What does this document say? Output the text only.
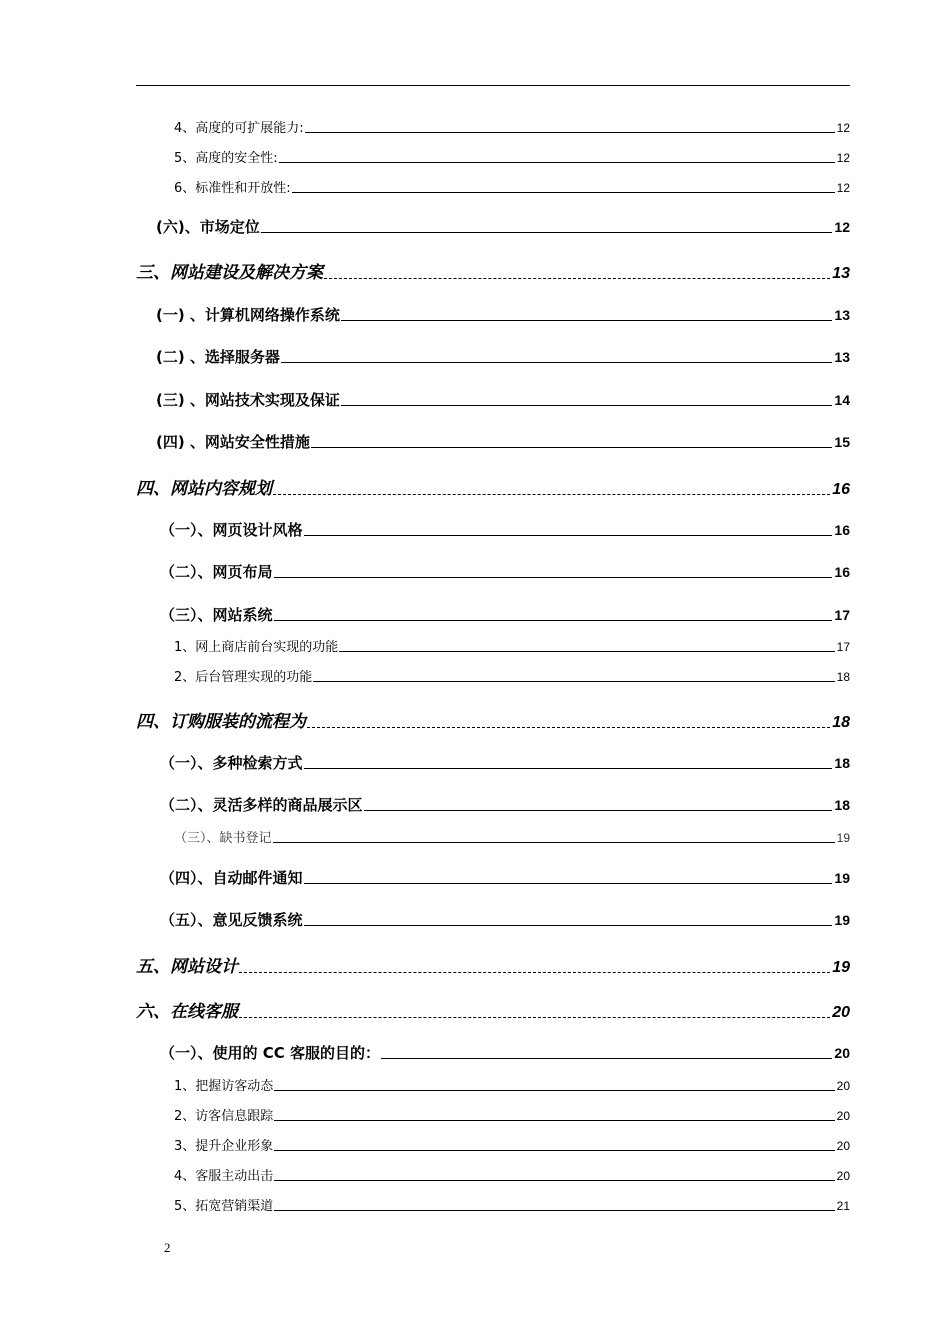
4、高度的可扩展能力:	12
5、高度的安全性:	12
6、标准性和开放性:	12
(六)、市场定位	12
三、网站建设及解决方案	13
(一) 、计算机网络操作系统	13
(二) 、选择服务器	13
(三) 、网站技术实现及保证	14
(四) 、网站安全性措施	15
四、网站内容规划	16
（一）、网页设计风格	16
（二）、网页布局	16
（三）、网站系统	17
1、网上商店前台实现的功能	17
2、后台管理实现的功能	18
四、订购服装的流程为	18
（一）、多种检索方式	18
（二）、灵活多样的商品展示区	18
（三）、缺书登记	19
（四）、自动邮件通知	19
（五）、意见反馈系统	19
五、网站设计	19
六、在线客服	20
（一）、使用的 CC 客服的目的：	20
1、把握访客动态	20
2、访客信息跟踪	20
3、提升企业形象	20
4、客服主动出击	20
5、拓宽营销渠道	21
2
